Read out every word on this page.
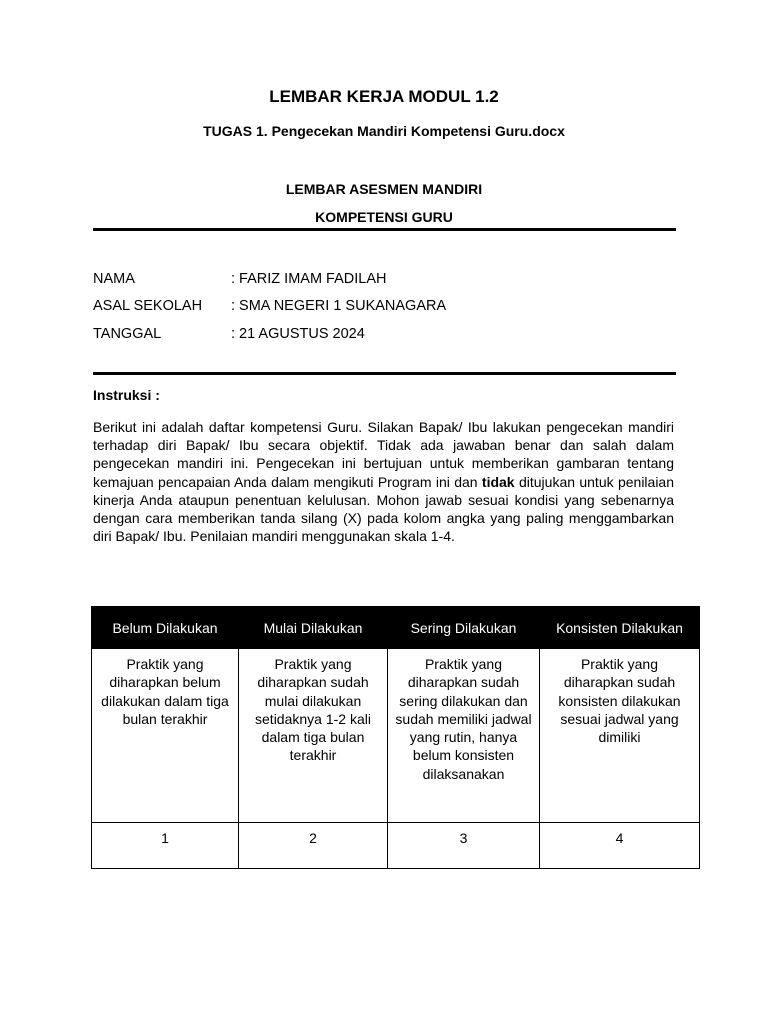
LEMBAR KERJA MODUL 1.2
TUGAS 1. Pengecekan Mandiri Kompetensi Guru.docx
LEMBAR ASESMEN MANDIRI
KOMPETENSI GURU
NAMA	: FARIZ IMAM FADILAH
ASAL SEKOLAH : SMA NEGERI 1 SUKANAGARA
TANGGAL	: 21 AGUSTUS 2024
Instruksi :
Berikut ini adalah daftar kompetensi Guru. Silakan Bapak/ Ibu lakukan pengecekan mandiri terhadap diri Bapak/ Ibu secara objektif. Tidak ada jawaban benar dan salah dalam pengecekan mandiri ini. Pengecekan ini bertujuan untuk memberikan gambaran tentang kemajuan pencapaian Anda dalam mengikuti Program ini dan tidak ditujukan untuk penilaian kinerja Anda ataupun penentuan kelulusan. Mohon jawab sesuai kondisi yang sebenarnya dengan cara memberikan tanda silang (X) pada kolom angka yang paling menggambarkan diri Bapak/ Ibu. Penilaian mandiri menggunakan skala 1-4.
Belum Dilakukan	Mulai Dilakukan	Sering Dilakukan	Konsisten Dilakukan
Praktik yang diharapkan belum dilakukan dalam tiga bulan terakhir	Praktik yang diharapkan sudah mulai dilakukan setidaknya 1-2 kali dalam tiga bulan terakhir	Praktik yang diharapkan sudah sering dilakukan dan sudah memiliki jadwal yang rutin, hanya belum konsisten dilaksanakan	Praktik yang diharapkan sudah konsisten dilakukan sesuai jadwal yang dimiliki
1	2	3	4
